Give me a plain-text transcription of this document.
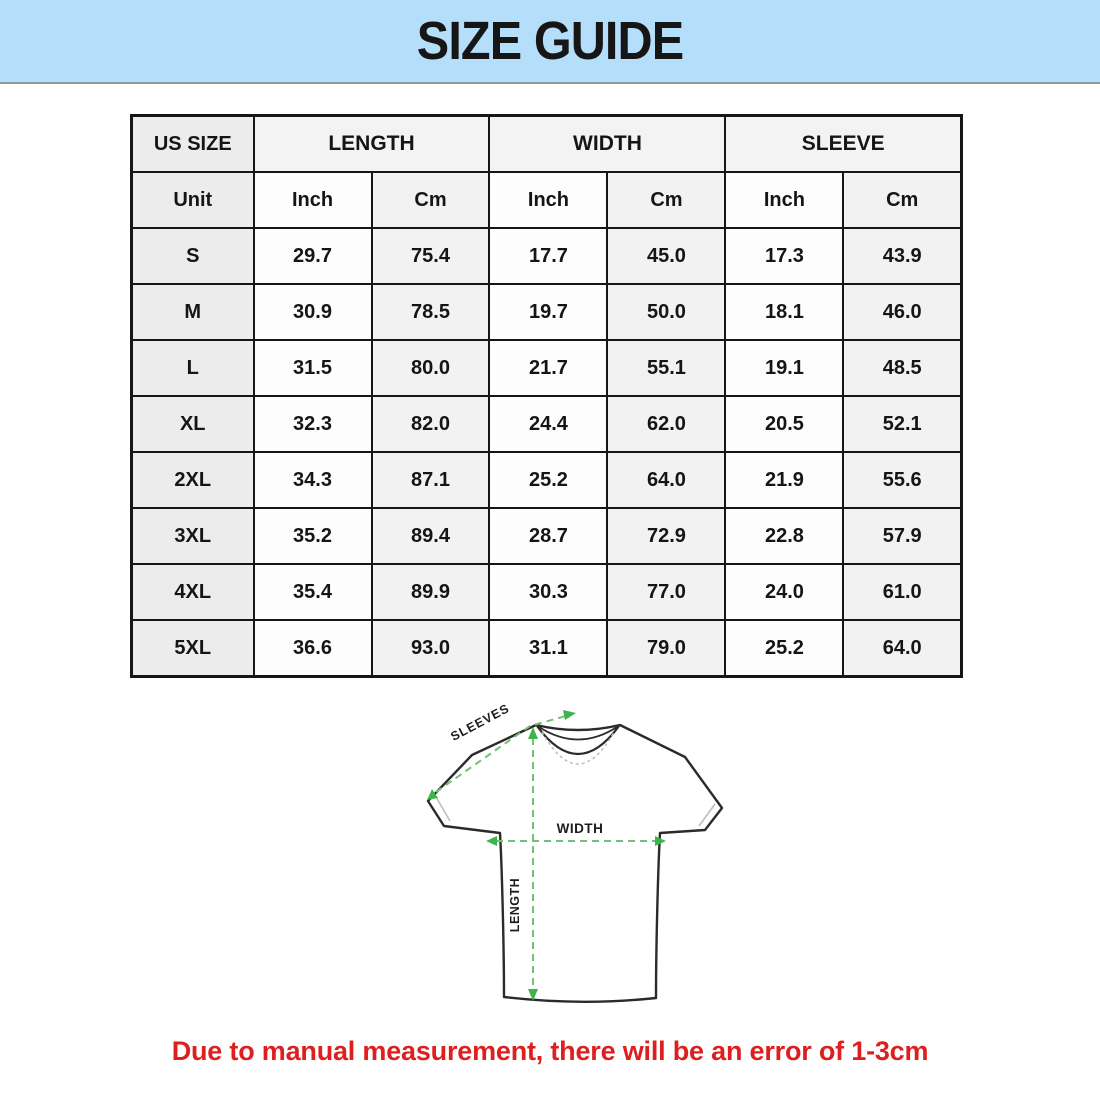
SIZE GUIDE
US SIZE	LENGTH		WIDTH		SLEEVE	
Unit	Inch	Cm	Inch	Cm	Inch	Cm
S	29.7	75.4	17.7	45.0	17.3	43.9
M	30.9	78.5	19.7	50.0	18.1	46.0
L	31.5	80.0	21.7	55.1	19.1	48.5
XL	32.3	82.0	24.4	62.0	20.5	52.1
2XL	34.3	87.1	25.2	64.0	21.9	55.6
3XL	35.2	89.4	28.7	72.9	22.8	57.9
4XL	35.4	89.9	30.3	77.0	24.0	61.0
5XL	36.6	93.0	31.1	79.0	25.2	64.0
LENGTH
WIDTH
SLEEVES

Due to manual measurement, there will be an error of 1-3cm
